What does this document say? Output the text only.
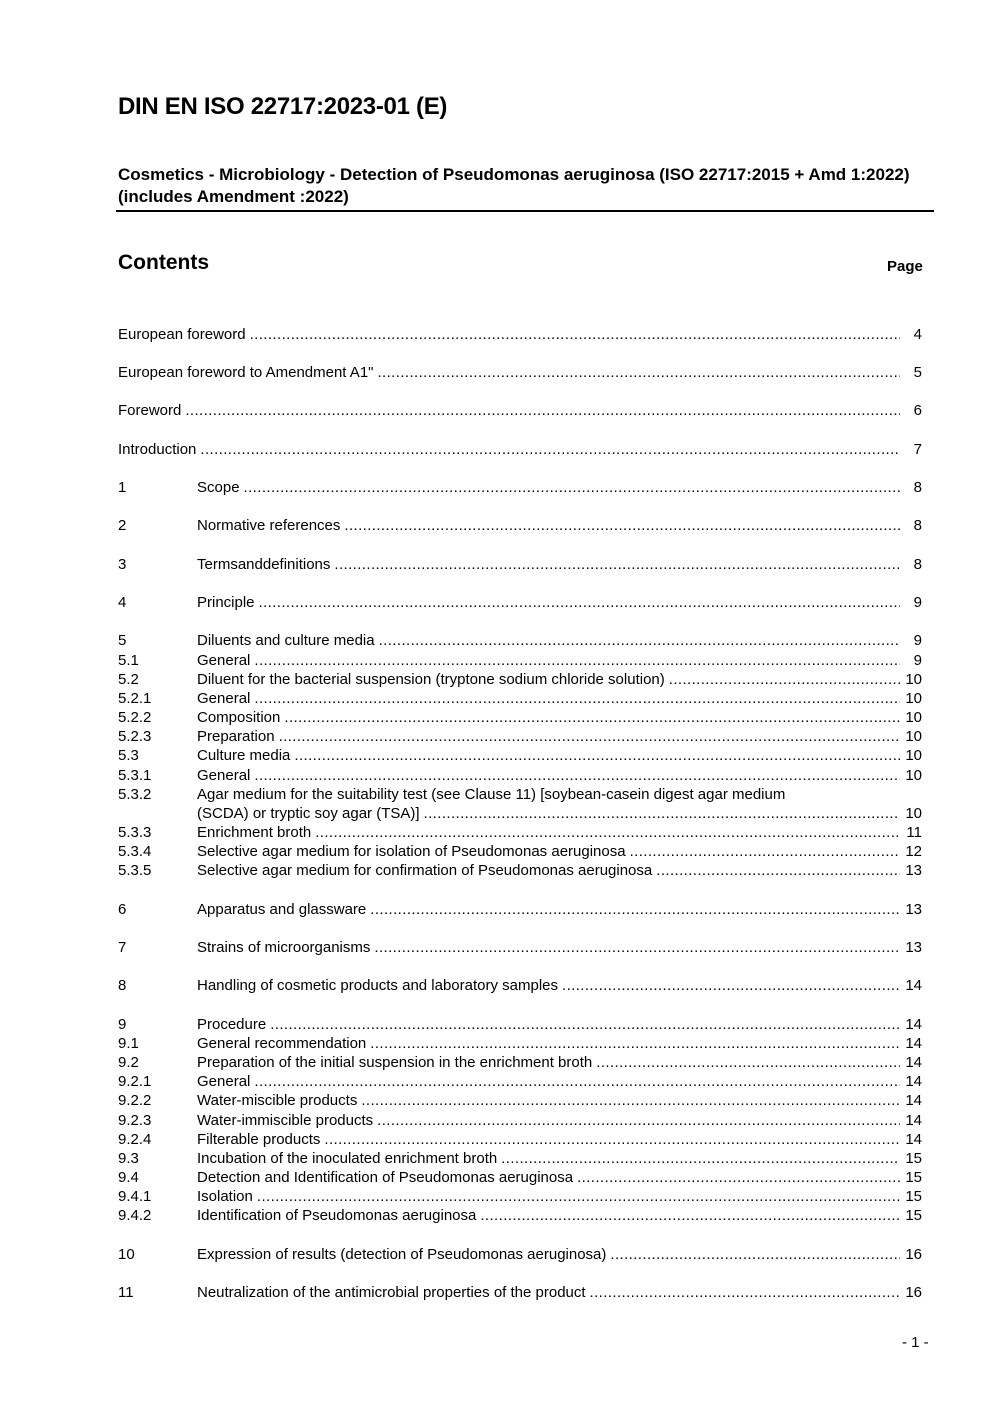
DIN EN ISO 22717:2023-01 (E)
Cosmetics - Microbiology - Detection of Pseudomonas aeruginosa (ISO 22717:2015 + Amd 1:2022) (includes Amendment :2022)
Contents	Page
European foreword .....	4
European foreword to Amendment A1" .....	5
Foreword .....	6
Introduction .....	7
1	Scope .....	8
2	Normative references .....	8
3	Termsanddefinitions .....	8
4	Principle .....	9
5	Diluents and culture media .....	9
5.1	General .....	9
5.2	Diluent for the bacterial suspension (tryptone sodium chloride solution) .....	10
5.2.1	General .....	10
5.2.2	Composition .....	10
5.2.3	Preparation .....	10
5.3	Culture media .....	10
5.3.1	General .....	10
5.3.2	Agar medium for the suitability test (see Clause 11) [soybean-casein digest agar medium
(SCDA) or tryptic soy agar (TSA)] .....	10
5.3.3	Enrichment broth .....	11
5.3.4	Selective agar medium for isolation of Pseudomonas aeruginosa .....	12
5.3.5	Selective agar medium for confirmation of Pseudomonas aeruginosa .....	13
6	Apparatus and glassware .....	13
7	Strains of microorganisms .....	13
8	Handling of cosmetic products and laboratory samples .....	14
9	Procedure .....	14
9.1	General recommendation .....	14
9.2	Preparation of the initial suspension in the enrichment broth .....	14
9.2.1	General .....	14
9.2.2	Water-miscible products .....	14
9.2.3	Water-immiscible products .....	14
9.2.4	Filterable products .....	14
9.3	Incubation of the inoculated enrichment broth .....	15
9.4	Detection and Identification of Pseudomonas aeruginosa .....	15
9.4.1	Isolation .....	15
9.4.2	Identification of Pseudomonas aeruginosa .....	15
10	Expression of results (detection of Pseudomonas aeruginosa) .....	16
11	Neutralization of the antimicrobial properties of the product .....	16
- 1 -
